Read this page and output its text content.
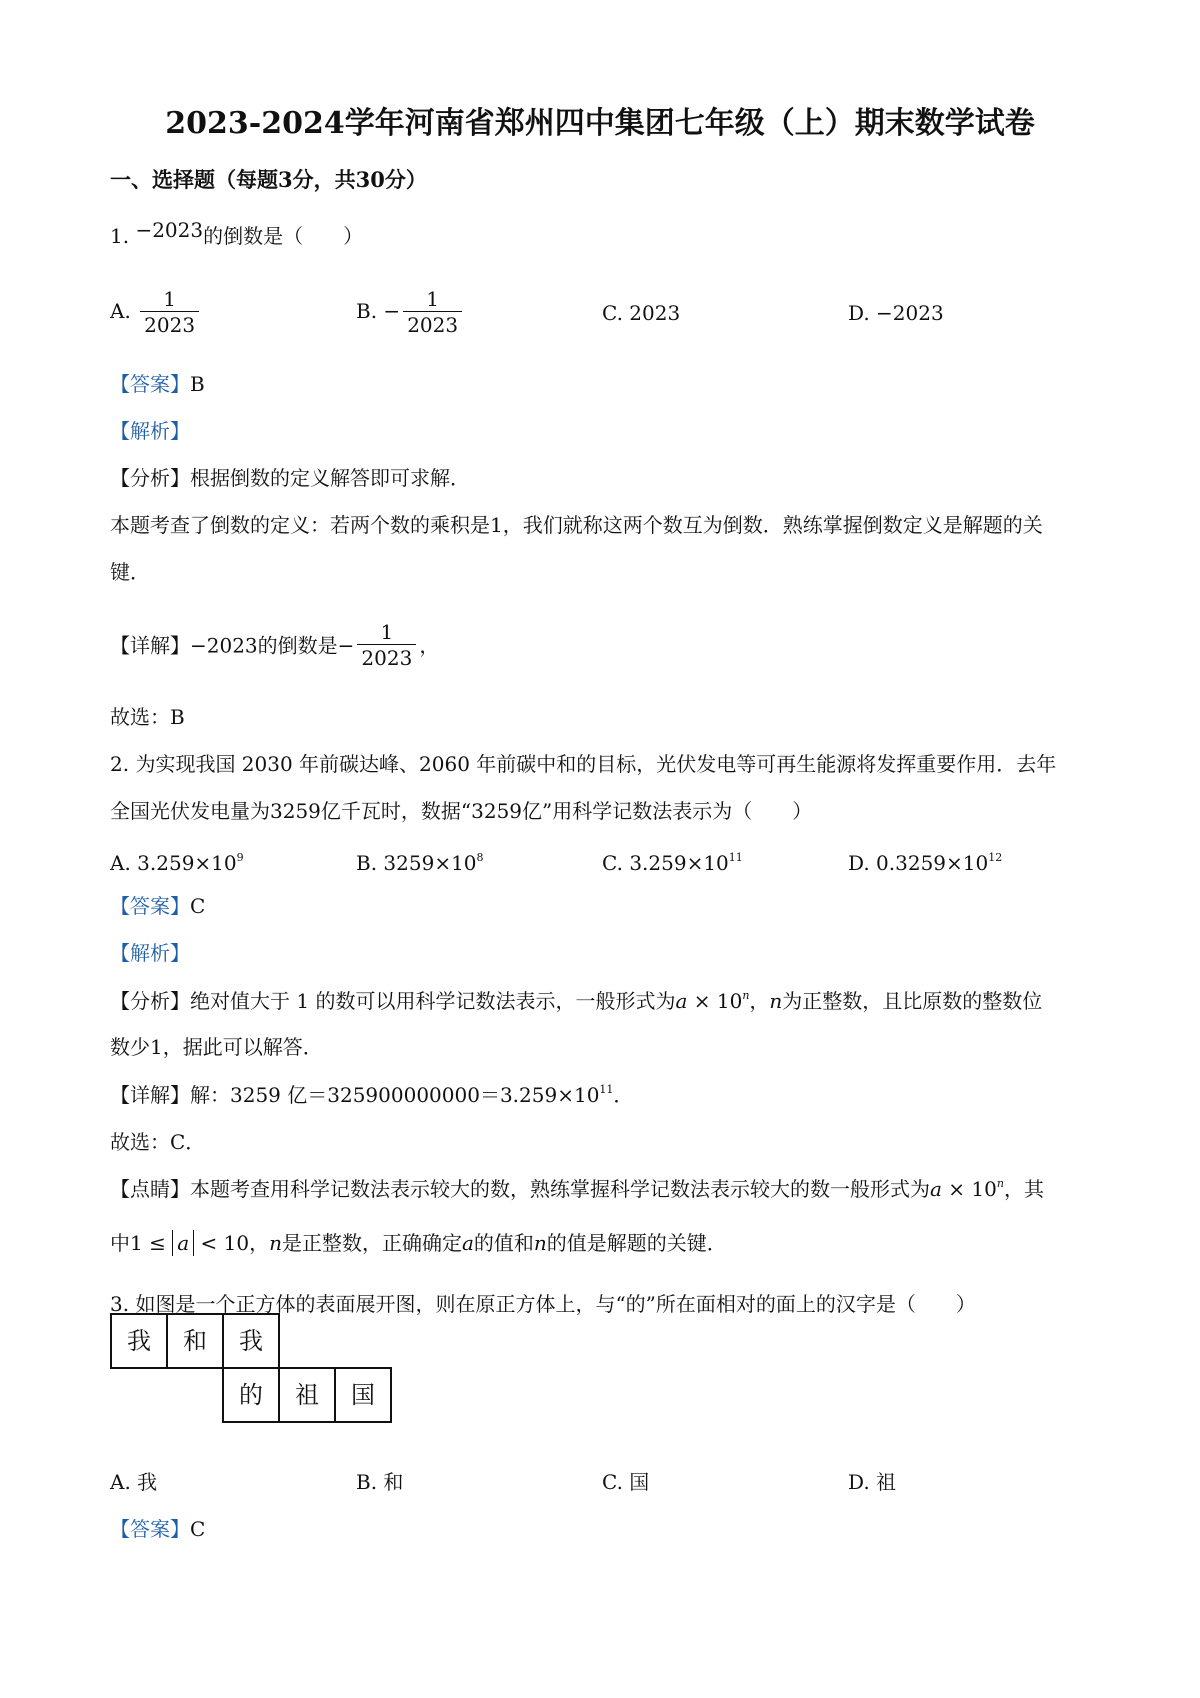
2023-2024学年河南省郑州四中集团七年级（上）期末数学试卷
一、选择题（每题3分，共30分）
1. −2023的倒数是（　　）
A. $\frac{1}{2023}$	B. − $\frac{1}{2023}$	C. 2023	D. −2023
【答案】B
【解析】
【分析】根据倒数的定义解答即可求解．
本题考查了倒数的定义：若两个数的乘积是1，我们就称这两个数互为倒数．熟练掌握倒数定义是解题的关
键．
【详解】−2023的倒数是− $\frac{1}{2023}$ ，
故选：B
2. 为实现我国 2030 年前碳达峰、2060 年前碳中和的目标，光伏发电等可再生能源将发挥重要作用．去年
全国光伏发电量为3259亿千瓦时，数据“3259亿”用科学记数法表示为（　　）
A. $3.259\times 10^9$	B. $3259\times 10^8$	C. $3.259\times 10^{11}$	D. $0.3259\times 10^{12}$
【答案】C
【解析】
【分析】绝对值大于 1 的数可以用科学记数法表示，一般形式为$a \times 10^n$，n为正整数，且比原数的整数位
数少1，据此可以解答．
【详解】解：3259 亿$=325900000000=3.259\times 10^{11}$．
故选：C．
【点睛】本题考查用科学记数法表示较大的数，熟练掌握科学记数法表示较大的数一般形式为$a \times 10^n$，其
中1 ≤ a < 10，n是正整数，正确确定a的值和n的值是解题的关键．
3. 如图是一个正方体的表面展开图，则在原正方体上，与“的”所在面相对的面上的汉字是（　　）
我	和	我
的	祖	国
A. 我	B. 和	C. 国	D. 祖
【答案】C
